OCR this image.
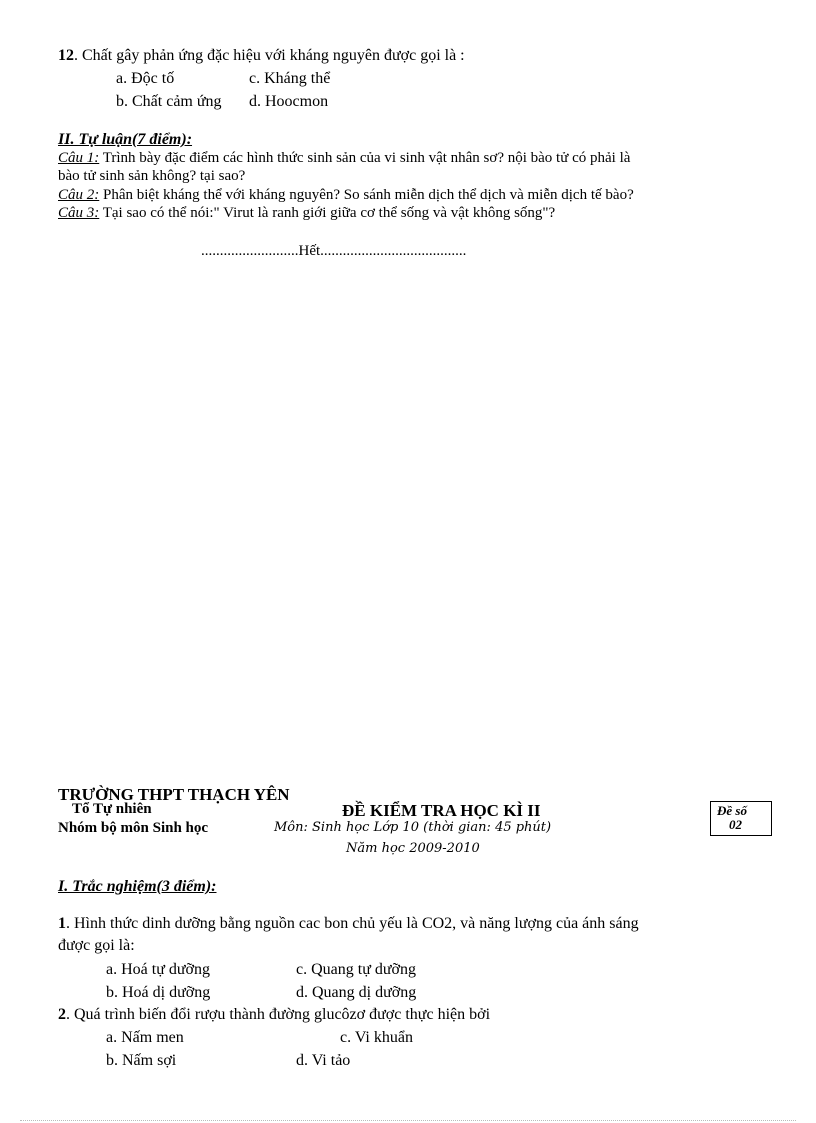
12. Chất gây phản ứng đặc hiệu với kháng nguyên được gọi là :
a. Độc tố	c. Kháng thể
b. Chất cảm ứng d. Hoocmon
II. Tự luận(7 điểm):
Câu 1: Trình bày đặc điểm các hình thức sinh sản của vi sinh vật nhân sơ? nội bào tử có phải là
bào tử sinh sản không? tại sao?
Câu 2: Phân biệt kháng thể với kháng nguyên? So sánh miễn dịch thể dịch và miễn dịch tế bào?
Câu 3: Tại sao có thể nói:" Virut là ranh giới giữa cơ thể sống và vật không sống"?
..........................Hết.......................................
TRƯỜNG THPT THẠCH YÊN
Tổ Tự nhiên
Nhóm bộ môn Sinh học
ĐỀ KIỂM TRA HỌC KÌ II
Môn: Sinh học Lớp 10 (thời gian: 45 phút)
Năm học 2009-2010
Đề số
02
I. Trắc nghiệm(3 điểm):
1. Hình thức dinh dưỡng bằng nguồn cac bon chủ yếu là CO2, và năng lượng của ánh sáng
được gọi là:
a. Hoá tự dưỡng	c. Quang tự dưỡng
b. Hoá dị dưỡng	d. Quang dị dưỡng
2. Quá trình biến đổi rượu thành đường glucôzơ được thực hiện bởi
a. Nấm men	c. Vi khuẩn
b. Nấm sợi	d. Vi tảo
